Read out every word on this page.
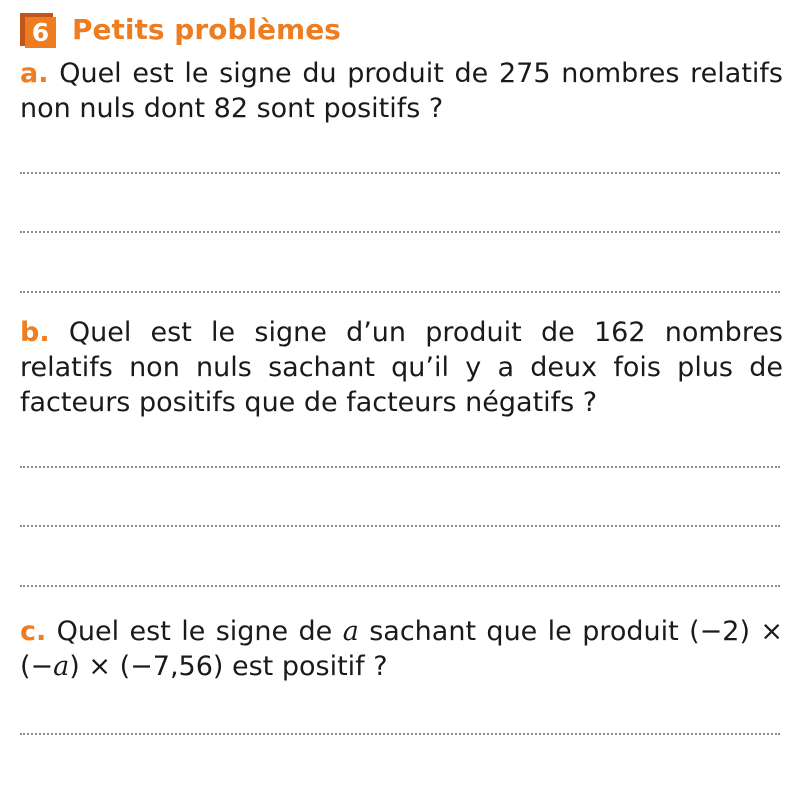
6 Petits problèmes
a. Quel est le signe du produit de 275 nombres relatifs non nuls dont 82 sont positifs ?
b. Quel est le signe d’un produit de 162 nombres relatifs non nuls sachant qu’il y a deux fois plus de facteurs positifs que de facteurs négatifs ?
c. Quel est le signe de a sachant que le produit (−2) × (−a) × (−7,56) est positif ?
